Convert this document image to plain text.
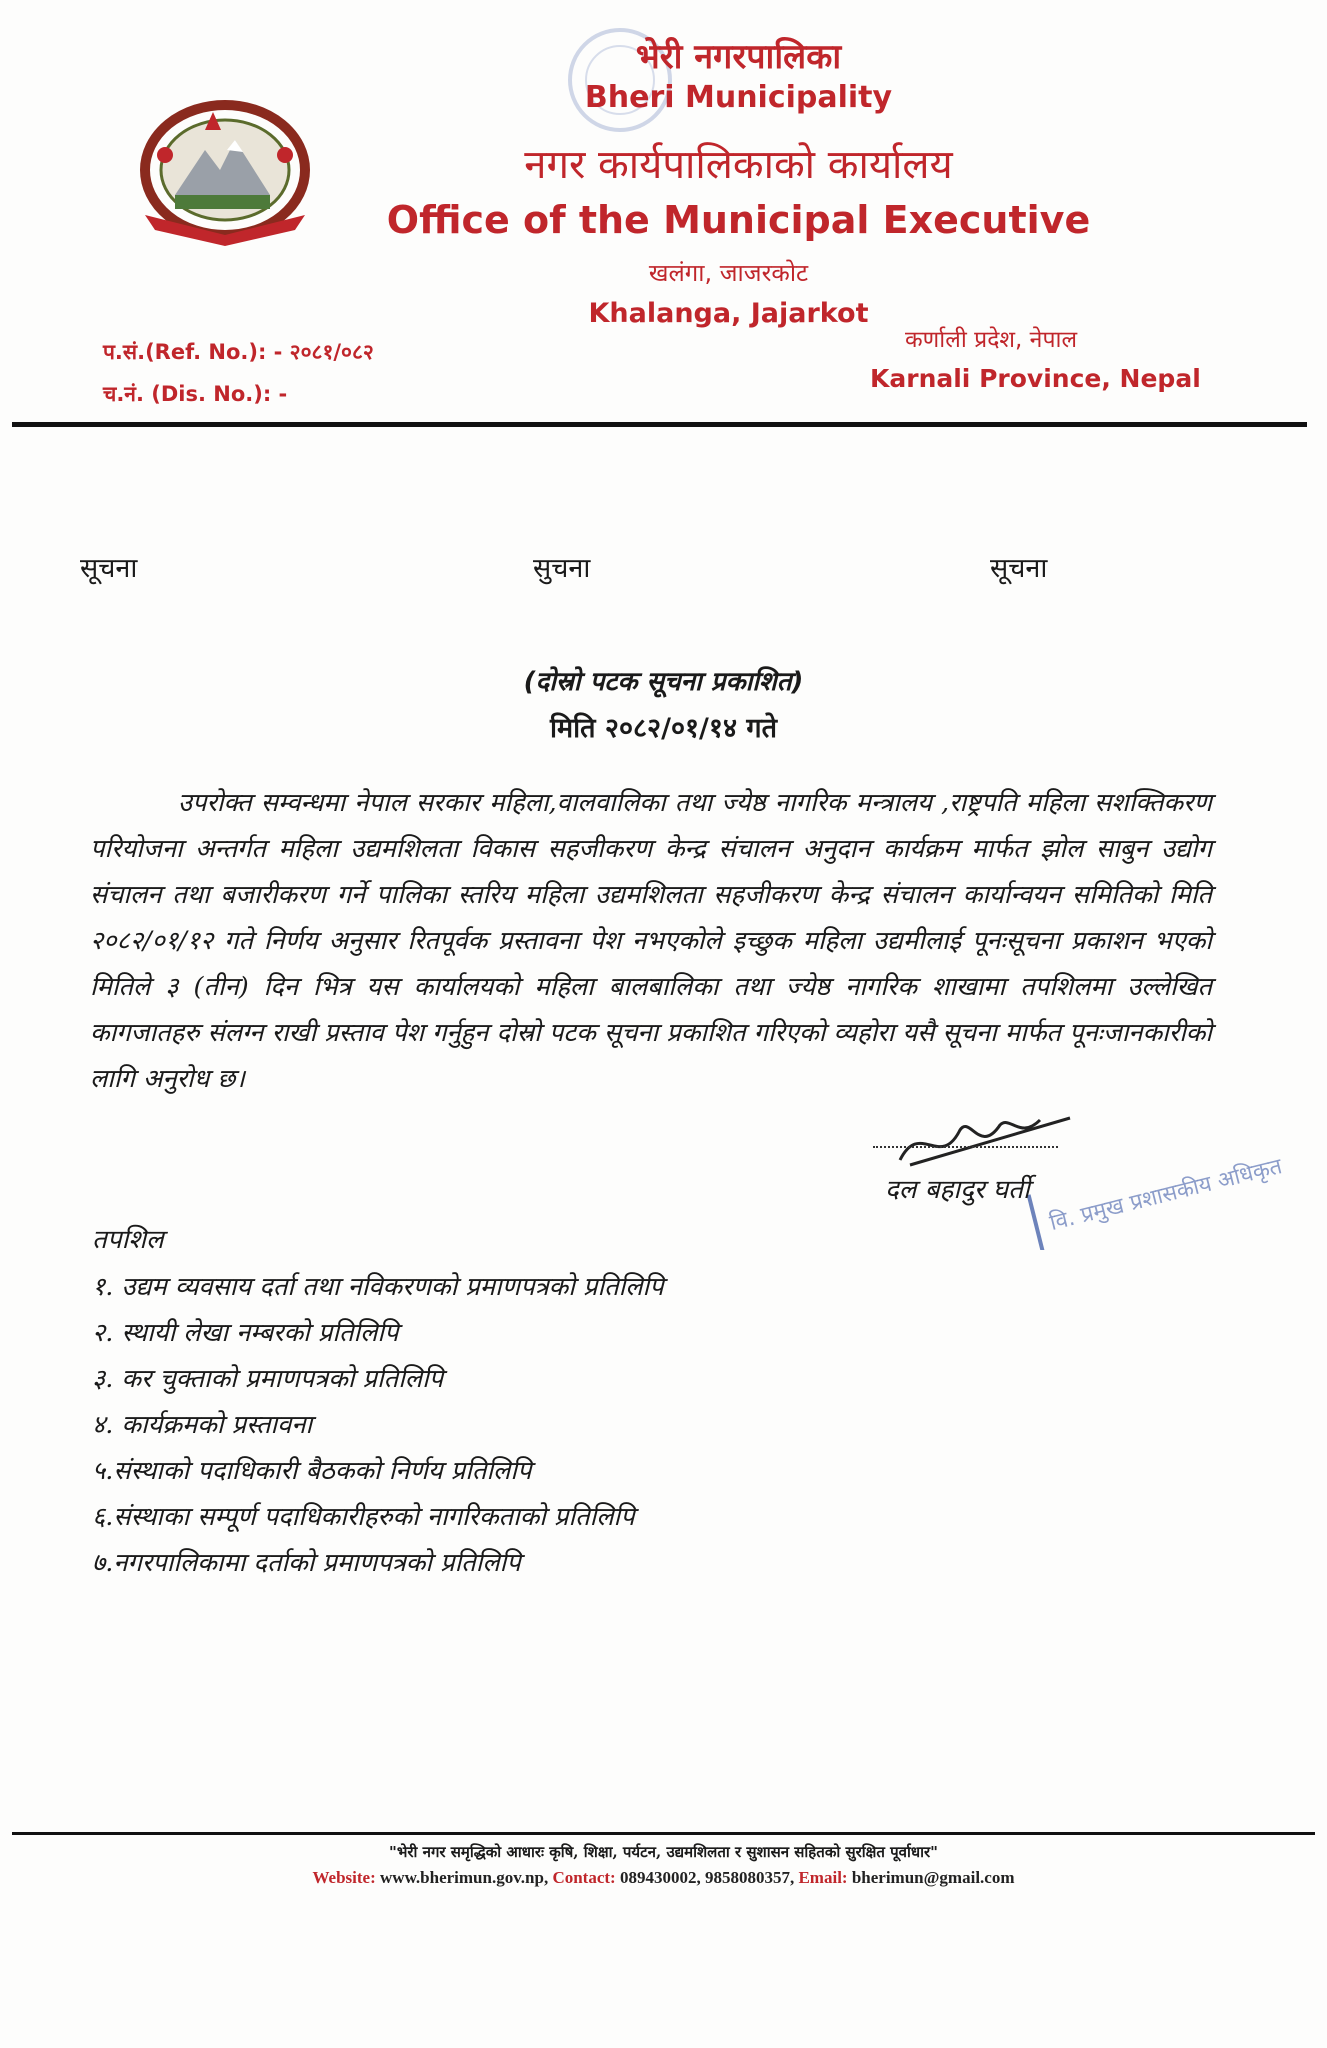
भेरी नगरपालिका
Bheri Municipality
नगर कार्यपालिकाको कार्यालय
Office of the Municipal Executive
खलंगा, जाजरकोट
Khalanga, Jajarkot
प.सं.(Ref. No.): - २०८१/०८२
च.नं. (Dis. No.): -
कर्णाली प्रदेश, नेपाल
Karnali Province, Nepal
सूचना	सुचना	सूचना
(दोस्रो पटक सूचना प्रकाशित)
मिति २०८२/०१/१४ गते
उपरोक्त सम्वन्धमा नेपाल सरकार महिला,वालवालिका तथा ज्येष्ठ नागरिक मन्त्रालय ,राष्ट्रपति महिला सशक्तिकरण परियोजना अन्तर्गत महिला उद्यमशिलता विकास सहजीकरण केन्द्र संचालन अनुदान कार्यक्रम मार्फत झोल साबुन उद्योग संचालन तथा बजारीकरण गर्ने पालिका स्तरिय महिला उद्यमशिलता सहजीकरण केन्द्र संचालन कार्यान्वयन समितिको मिति २०८२/०१/१२ गते निर्णय अनुसार रितपूर्वक प्रस्तावना पेश नभएकोले इच्छुक महिला उद्यमीलाई पूनःसूचना प्रकाशन भएको मितिले ३ (तीन) दिन भित्र यस कार्यालयको महिला बालबालिका तथा ज्येष्ठ नागरिक शाखामा तपशिलमा उल्लेखित कागजातहरु संलग्न राखी प्रस्ताव पेश गर्नुहुन दोस्रो पटक सूचना प्रकाशित गरिएको व्यहोरा यसै सूचना मार्फत पूनःजानकारीको लागि अनुरोध छ।
वि. प्रमुख प्रशासकीय अधिकृत
दल बहादुर घर्ती
तपशिल
१. उद्यम व्यवसाय दर्ता तथा नविकरणको प्रमाणपत्रको प्रतिलिपि
२. स्थायी लेखा नम्बरको प्रतिलिपि
३. कर चुक्ताको प्रमाणपत्रको प्रतिलिपि
४. कार्यक्रमको प्रस्तावना
५.संस्थाको पदाधिकारी बैठकको निर्णय प्रतिलिपि
६.संस्थाका सम्पूर्ण पदाधिकारीहरुको नागरिकताको प्रतिलिपि
७.नगरपालिकामा दर्ताको प्रमाणपत्रको प्रतिलिपि
"भेरी नगर समृद्धिको आधारः कृषि, शिक्षा, पर्यटन, उद्यमशिलता र सुशासन सहितको सुरक्षित पूर्वाधार"
Website: www.bherimun.gov.np, Contact: 089430002, 9858080357, Email: bherimun@gmail.com
